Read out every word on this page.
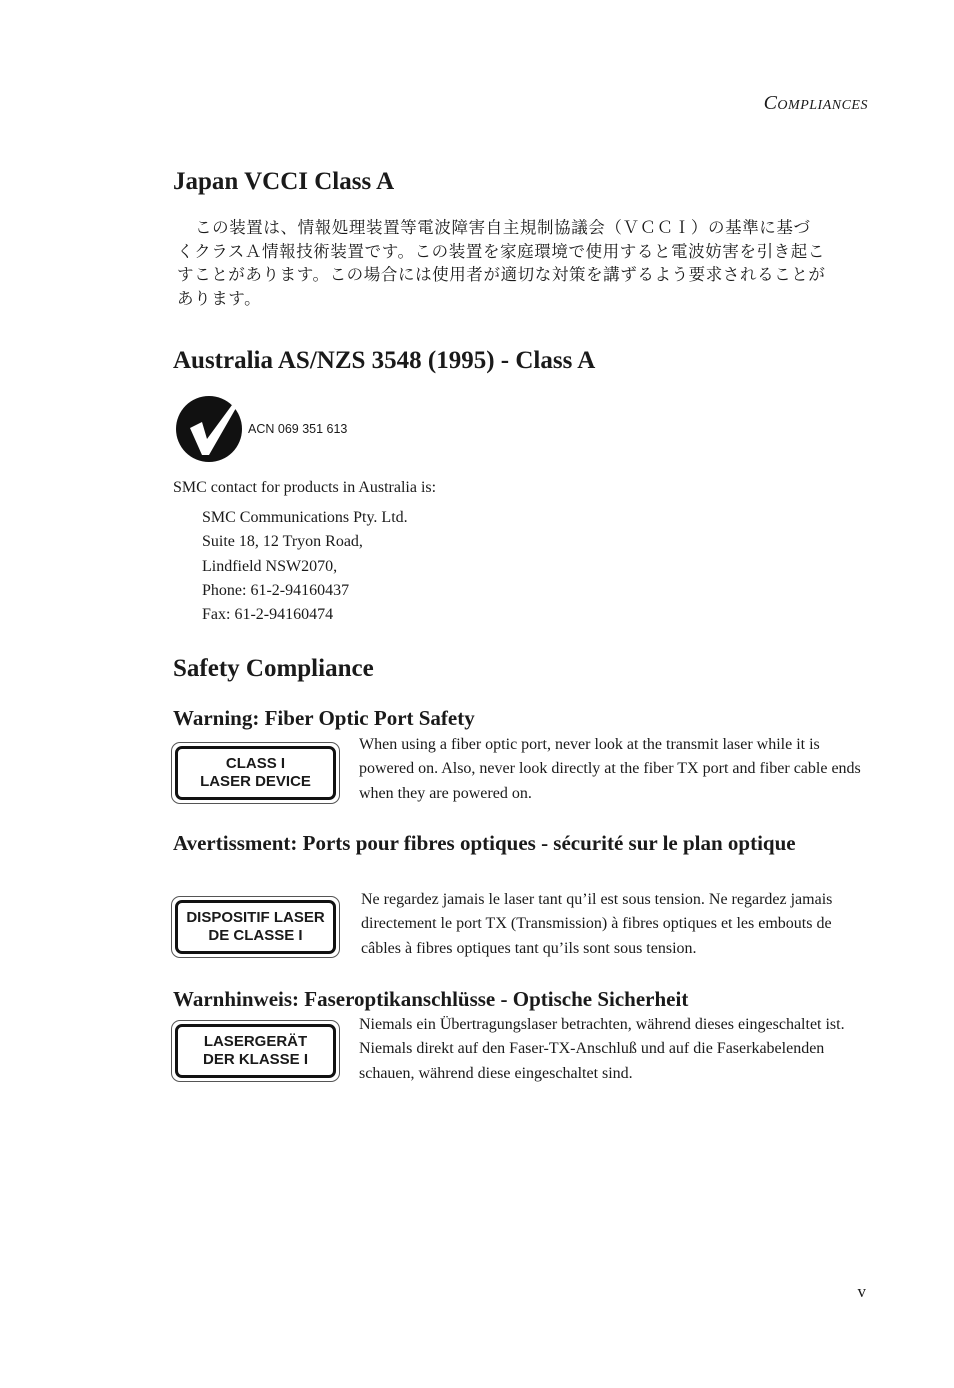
Compliances
Japan VCCI Class A
この装置は、情報処理装置等電波障害自主規制協議会（ＶＣＣＩ）の基準に基づくクラスＡ情報技術装置です。この装置を家庭環境で使用すると電波妨害を引き起こすことがあります。この場合には使用者が適切な対策を講ずるよう要求されることがあります。
Australia AS/NZS 3548 (1995) - Class A
ACN 069 351 613
SMC contact for products in Australia is:
SMC Communications Pty. Ltd.
Suite 18, 12 Tryon Road,
Lindfield NSW2070,
Phone: 61-2-94160437
Fax: 61-2-94160474
Safety Compliance
Warning: Fiber Optic Port Safety
CLASS I
LASER DEVICE
When using a fiber optic port, never look at the transmit laser while it is powered on. Also, never look directly at the fiber TX port and fiber cable ends when they are powered on.
Avertissment: Ports pour fibres optiques - sécurité sur le plan optique
DISPOSITIF LASER
DE CLASSE I
Ne regardez jamais le laser tant qu’il est sous tension. Ne regardez jamais directement le port TX (Transmission) à fibres optiques et les embouts de câbles à fibres optiques tant qu’ils sont sous tension.
Warnhinweis: Faseroptikanschlüsse - Optische Sicherheit
LASERGERÄT
DER KLASSE I
Niemals ein Übertragungslaser betrachten, während dieses eingeschaltet ist. Niemals direkt auf den Faser-TX-Anschluß und auf die Faserkabelenden schauen, während diese eingeschaltet sind.
v
